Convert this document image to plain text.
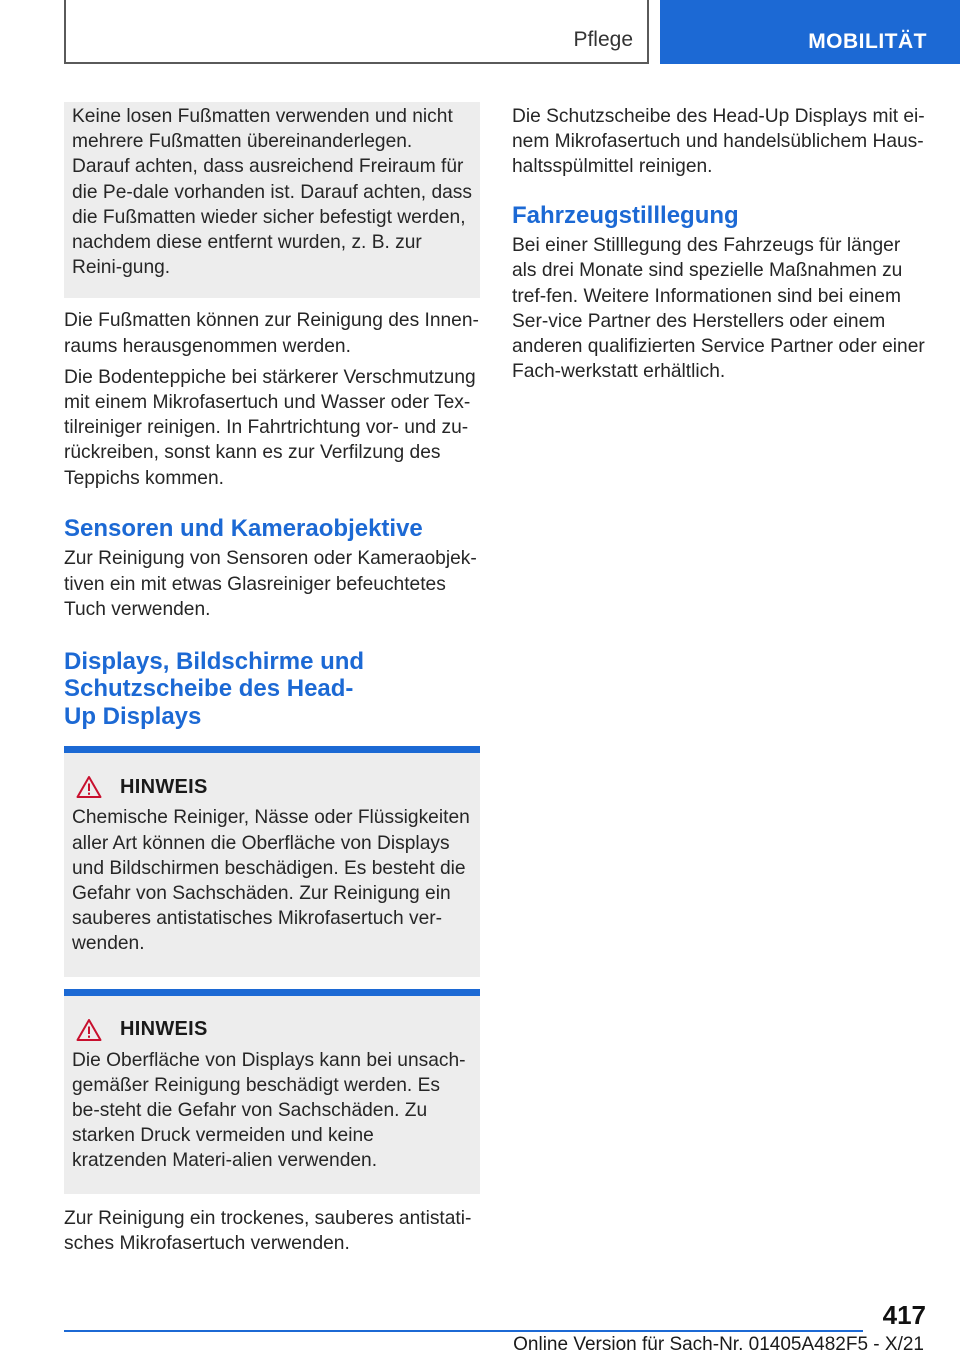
Pflege	MOBILITÄT

Keine losen Fußmatten verwenden und nicht mehrere Fußmatten übereinanderlegen. Darauf achten, dass ausreichend Freiraum für die Pe-dale vorhanden ist. Darauf achten, dass die Fußmatten wieder sicher befestigt werden, nachdem diese entfernt wurden, z. B. zur Reini-gung.

Die Fußmatten können zur Reinigung des Innen-raums herausgenommen werden.

Die Bodenteppiche bei stärkerer Verschmutzung mit einem Mikrofasertuch und Wasser oder Tex-tilreiniger reinigen. In Fahrtrichtung vor- und zu-rückreiben, sonst kann es zur Verfilzung des Teppichs kommen.

Sensoren und Kameraobjektive

Zur Reinigung von Sensoren oder Kameraobjek-tiven ein mit etwas Glasreiniger befeuchtetes Tuch verwenden.

Displays, Bildschirme und
Schutzscheibe des Head-
Up Displays
HINWEIS

Chemische Reiniger, Nässe oder Flüssigkeiten aller Art können die Oberfläche von Displays und Bildschirmen beschädigen. Es besteht die Gefahr von Sachschäden. Zur Reinigung ein sauberes antistatisches Mikrofasertuch ver-wenden.

HINWEIS

Die Oberfläche von Displays kann bei unsach-gemäßer Reinigung beschädigt werden. Es be-steht die Gefahr von Sachschäden. Zu starken Druck vermeiden und keine kratzenden Materi-alien verwenden.

Zur Reinigung ein trockenes, sauberes antistati-sches Mikrofasertuch verwenden.

Die Schutzscheibe des Head-Up Displays mit ei-nem Mikrofasertuch und handelsüblichem Haus-haltsspülmittel reinigen.

Fahrzeugstilllegung

Bei einer Stilllegung des Fahrzeugs für länger als drei Monate sind spezielle Maßnahmen zu tref-fen. Weitere Informationen sind bei einem Ser-vice Partner des Herstellers oder einem anderen qualifizierten Service Partner oder einer Fach-werkstatt erhältlich.

417
Online Version für Sach-Nr. 01405A482F5 - X/21
